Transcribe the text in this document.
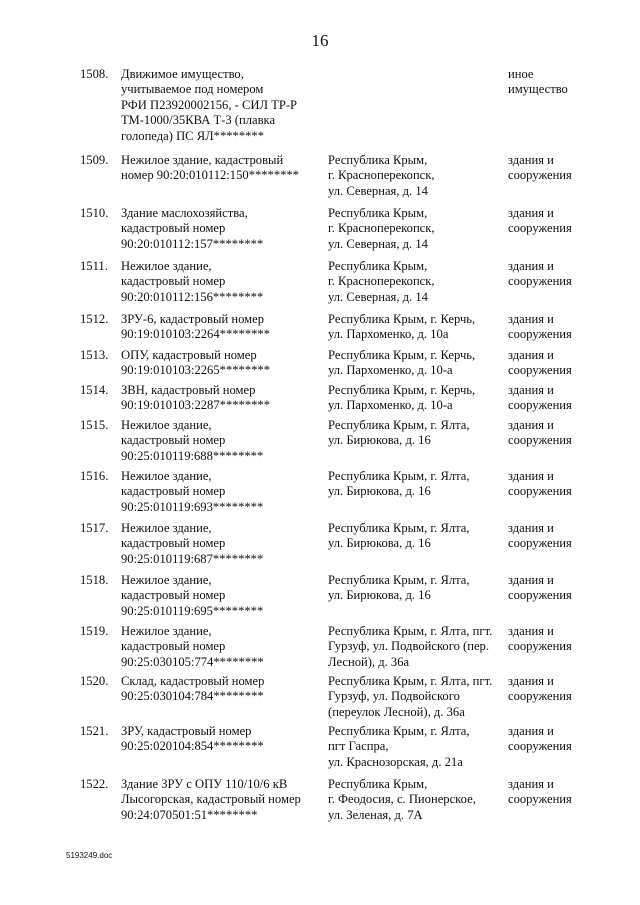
16
1508. Движимое имущество,
учитываемое под номером
РФИ П23920002156, - СИЛ ТР-Р
ТМ-1000/35КВА Т-3 (плавка
голопеда) ПС ЯЛ********
иное
имущество
1509. Нежилое здание, кадастровый
номер 90:20:010112:150********
Республика Крым,
г. Красноперекопск,
ул. Северная, д. 14
здания и
сооружения
1510. Здание маслохозяйства,
кадастровый номер
90:20:010112:157********
Республика Крым,
г. Красноперекопск,
ул. Северная, д. 14
здания и
сооружения
1511. Нежилое здание,
кадастровый номер
90:20:010112:156********
Республика Крым,
г. Красноперекопск,
ул. Северная, д. 14
здания и
сооружения
1512. ЗРУ-6, кадастровый номер
90:19:010103:2264********
Республика Крым, г. Керчь,
ул. Пархоменко, д. 10а
здания и
сооружения
1513. ОПУ, кадастровый номер
90:19:010103:2265********
Республика Крым, г. Керчь,
ул. Пархоменко, д. 10-а
здания и
сооружения
1514. ЗВН, кадастровый номер
90:19:010103:2287********
Республика Крым, г. Керчь,
ул. Пархоменко, д. 10-а
здания и
сооружения
1515. Нежилое здание,
кадастровый номер
90:25:010119:688********
Республика Крым, г. Ялта,
ул. Бирюкова, д. 16
здания и
сооружения
1516. Нежилое здание,
кадастровый номер
90:25:010119:693********
Республика Крым, г. Ялта,
ул. Бирюкова, д. 16
здания и
сооружения
1517. Нежилое здание,
кадастровый номер
90:25:010119:687********
Республика Крым, г. Ялта,
ул. Бирюкова, д. 16
здания и
сооружения
1518. Нежилое здание,
кадастровый номер
90:25:010119:695********
Республика Крым, г. Ялта,
ул. Бирюкова, д. 16
здания и
сооружения
1519. Нежилое здание,
кадастровый номер
90:25:030105:774********
Республика Крым, г. Ялта, пгт.
Гурзуф, ул. Подвойского (пер.
Лесной), д. 36а
здания и
сооружения
1520. Склад, кадастровый номер
90:25:030104:784********
Республика Крым, г. Ялта, пгт.
Гурзуф, ул. Подвойского
(переулок Лесной), д. 36а
здания и
сооружения
1521. ЗРУ, кадастровый номер
90:25:020104:854********
Республика Крым, г. Ялта,
пгт Гаспра,
ул. Краснозорская, д. 21а
здания и
сооружения
1522. Здание ЗРУ с ОПУ 110/10/6 кВ
Лысогорская, кадастровый номер
90:24:070501:51********
Республика Крым,
г. Феодосия, с. Пионерское,
ул. Зеленая, д. 7А
здания и
сооружения
5193249.doc
